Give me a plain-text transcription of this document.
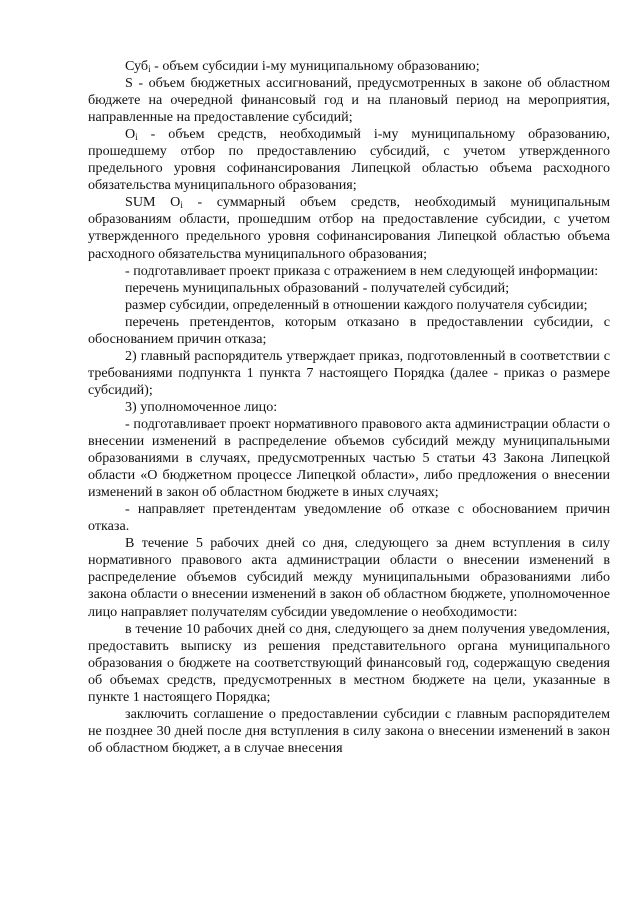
Суб$_i$ - объем субсидии i-му муниципальному образованию;

S - объем бюджетных ассигнований, предусмотренных в законе об областном бюджете на очередной финансовый год и на плановый период на мероприятия, направленные на предоставление субсидий;

$O_i$ - объем средств, необходимый i-му муниципальному образованию, прошедшему отбор по предоставлению субсидий, с учетом утвержденного предельного уровня софинансирования Липецкой областью объема расходного обязательства муниципального образования;

SUM $O_i$ - суммарный объем средств, необходимый муниципальным образованиям области, прошедшим отбор на предоставление субсидии, с учетом утвержденного предельного уровня софинансирования Липецкой областью объема расходного обязательства муниципального образования;

- подготавливает проект приказа с отражением в нем следующей информации:

перечень муниципальных образований - получателей субсидий;

размер субсидии, определенный в отношении каждого получателя субсидии;

перечень претендентов, которым отказано в предоставлении субсидии, с обоснованием причин отказа;

2) главный распорядитель утверждает приказ, подготовленный в соответствии с требованиями подпункта 1 пункта 7 настоящего Порядка (далее - приказ о размере субсидий);

3) уполномоченное лицо:

- подготавливает проект нормативного правового акта администрации области о внесении изменений в распределение объемов субсидий между муниципальными образованиями в случаях, предусмотренных частью 5 статьи 43 Закона Липецкой области «О бюджетном процессе Липецкой области», либо предложения о внесении изменений в закон об областном бюджете в иных случаях;

- направляет претендентам уведомление об отказе с обоснованием причин отказа.

В течение 5 рабочих дней со дня, следующего за днем вступления в силу нормативного правового акта администрации области о внесении изменений в распределение объемов субсидий между муниципальными образованиями либо закона области о внесении изменений в закон об областном бюджете, уполномоченное лицо направляет получателям субсидии уведомление о необходимости:

в течение 10 рабочих дней со дня, следующего за днем получения уведомления, предоставить выписку из решения представительного органа муниципального образования о бюджете на соответствующий финансовый год, содержащую сведения об объемах средств, предусмотренных в местном бюджете на цели, указанные в пункте 1 настоящего Порядка;

заключить соглашение о предоставлении субсидии с главным распорядителем не позднее 30 дней после дня вступления в силу закона о внесении изменений в закон об областном бюджет, а в случае внесения
